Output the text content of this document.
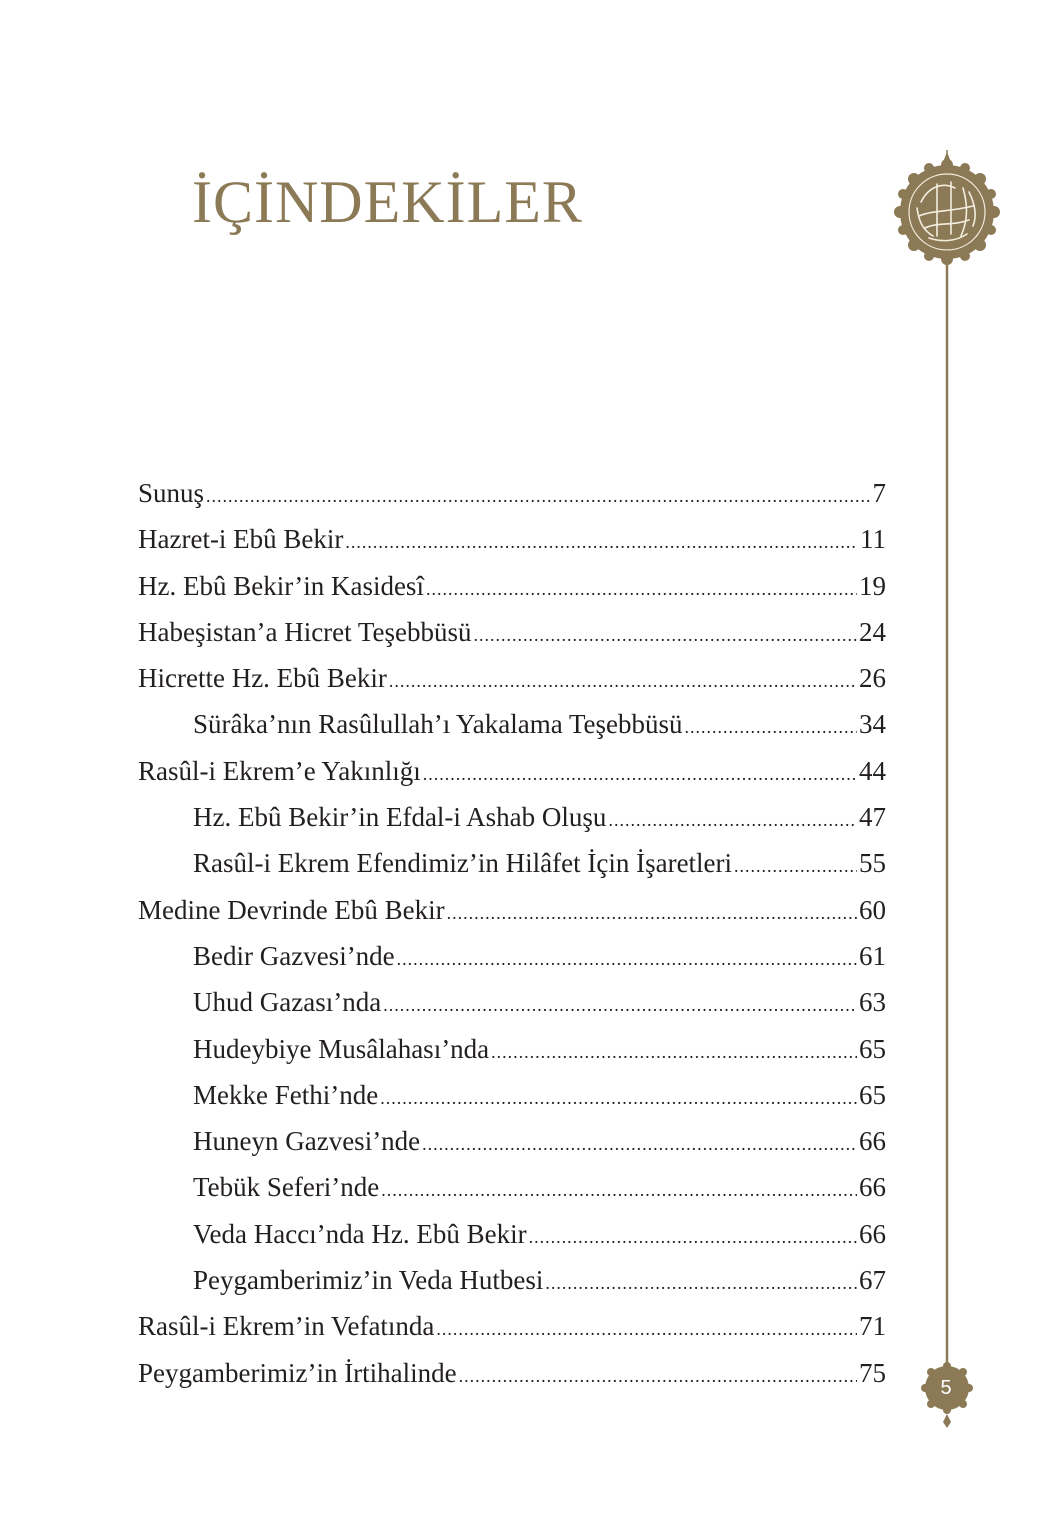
İÇİNDEKİLER
5
Sunuş .....	7
Hazret-i Ebû Bekir .....	11
Hz. Ebû Bekir’in Kasidesî .....	19
Habeşistan’a Hicret Teşebbüsü .....	24
Hicrette Hz. Ebû Bekir .....	26
Sürâka’nın Rasûlullah’ı Yakalama Teşebbüsü .....	34
Rasûl-i Ekrem’e Yakınlığı .....	44
Hz. Ebû Bekir’in Efdal-i Ashab Oluşu .....	47
Rasûl-i Ekrem Efendimiz’in Hilâfet İçin İşaretleri .....	55
Medine Devrinde Ebû Bekir .....	60
Bedir Gazvesi’nde .....	61
Uhud Gazası’nda .....	63
Hudeybiye Musâlahası’nda .....	65
Mekke Fethi’nde .....	65
Huneyn Gazvesi’nde .....	66
Tebük Seferi’nde .....	66
Veda Haccı’nda Hz. Ebû Bekir .....	66
Peygamberimiz’in Veda Hutbesi .....	67
Rasûl-i Ekrem’in Vefatında .....	71
Peygamberimiz’in İrtihalinde .....	75
